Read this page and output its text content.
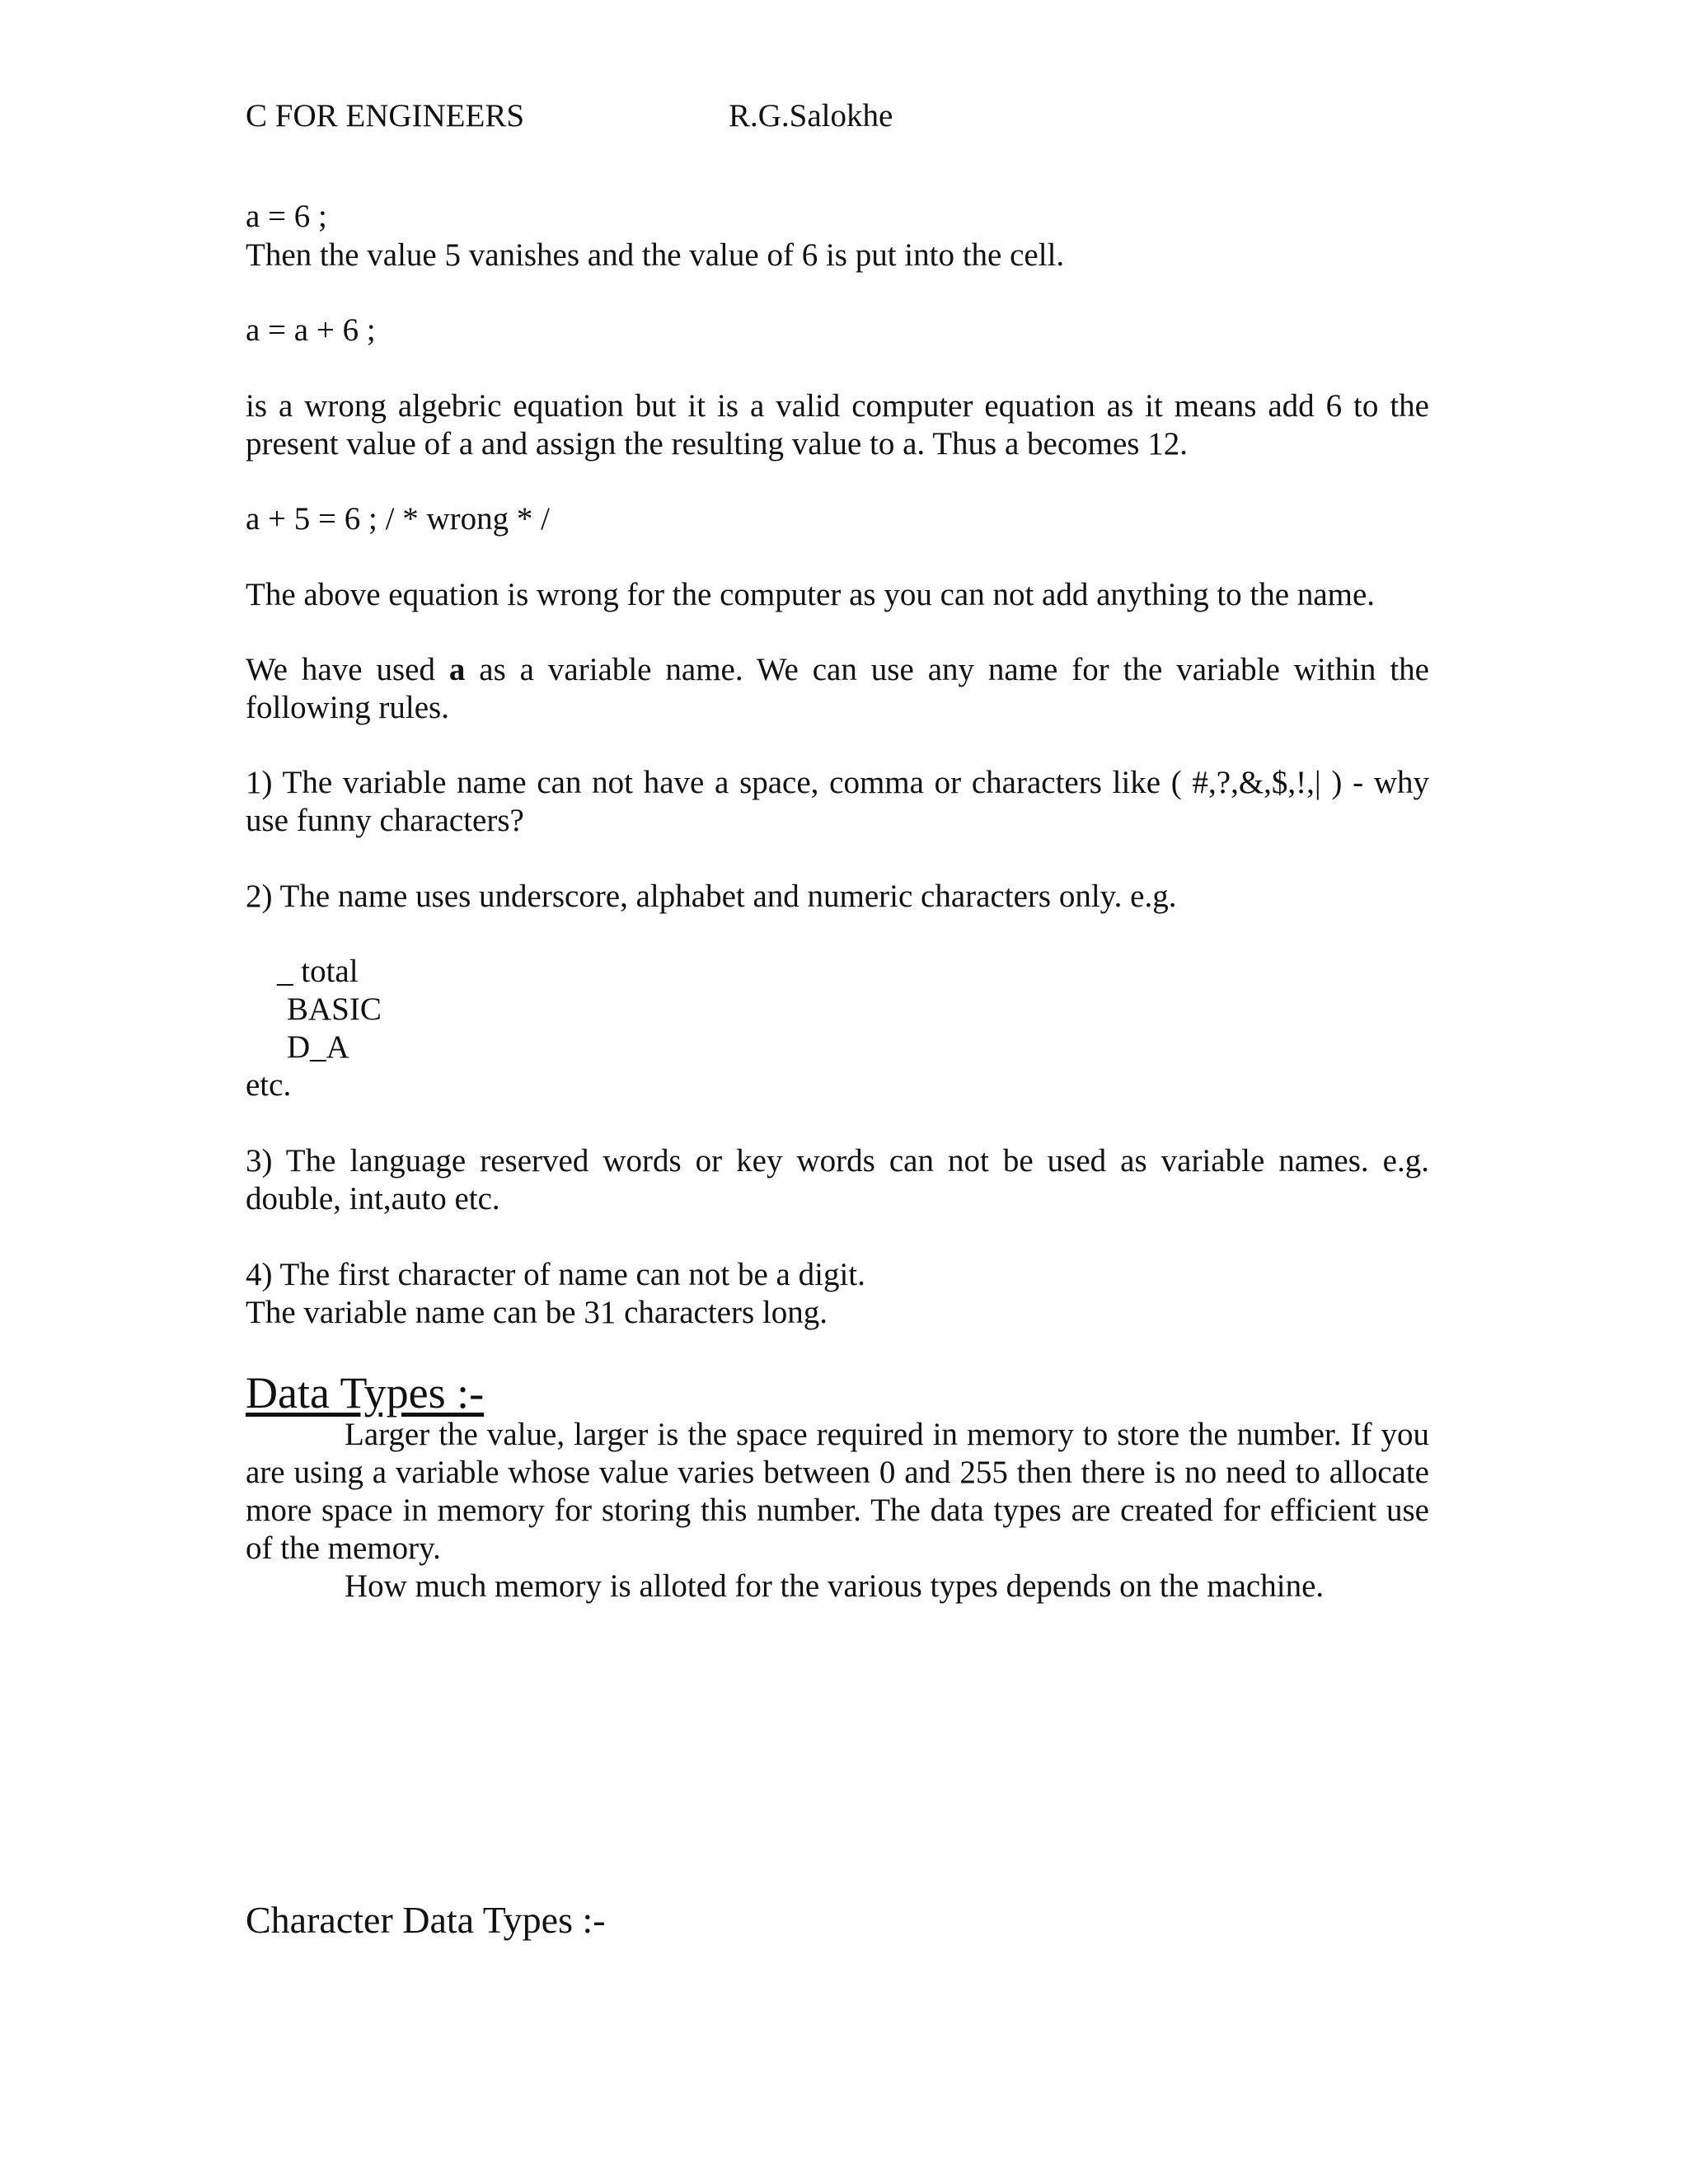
C FOR ENGINEERS	R.G.Salokhe
a = 6 ;
Then the value 5 vanishes and the value of 6 is put into the cell.
a = a + 6 ;
is a wrong algebric equation but it is a valid computer equation as it means add 6 to the present value of a and assign the resulting value to a. Thus a becomes 12.
a + 5 = 6 ; / * wrong * /
The above equation is wrong for the computer as you can not add anything to the name.
We have used a as a variable name. We can use any name for the variable within the following rules.
1) The variable name can not have a space, comma or characters like ( #,?,&,$,!,| ) - why use funny characters?
2) The name uses underscore, alphabet and numeric characters only. e.g.
_ total
BASIC
D_A
etc.
3) The language reserved words or key words can not be used as variable names. e.g. double, int,auto etc.
4) The first character of name can not be a digit.
The variable name can be 31 characters long.
Data Types :-

Larger the value, larger is the space required in memory to store the number. If you are using a variable whose value varies between 0 and 255 then there is no need to allocate more space in memory for storing this number. The data types are created for efficient use of the memory.

How much memory is alloted for the various types depends on the machine.

Character Data Types :-
